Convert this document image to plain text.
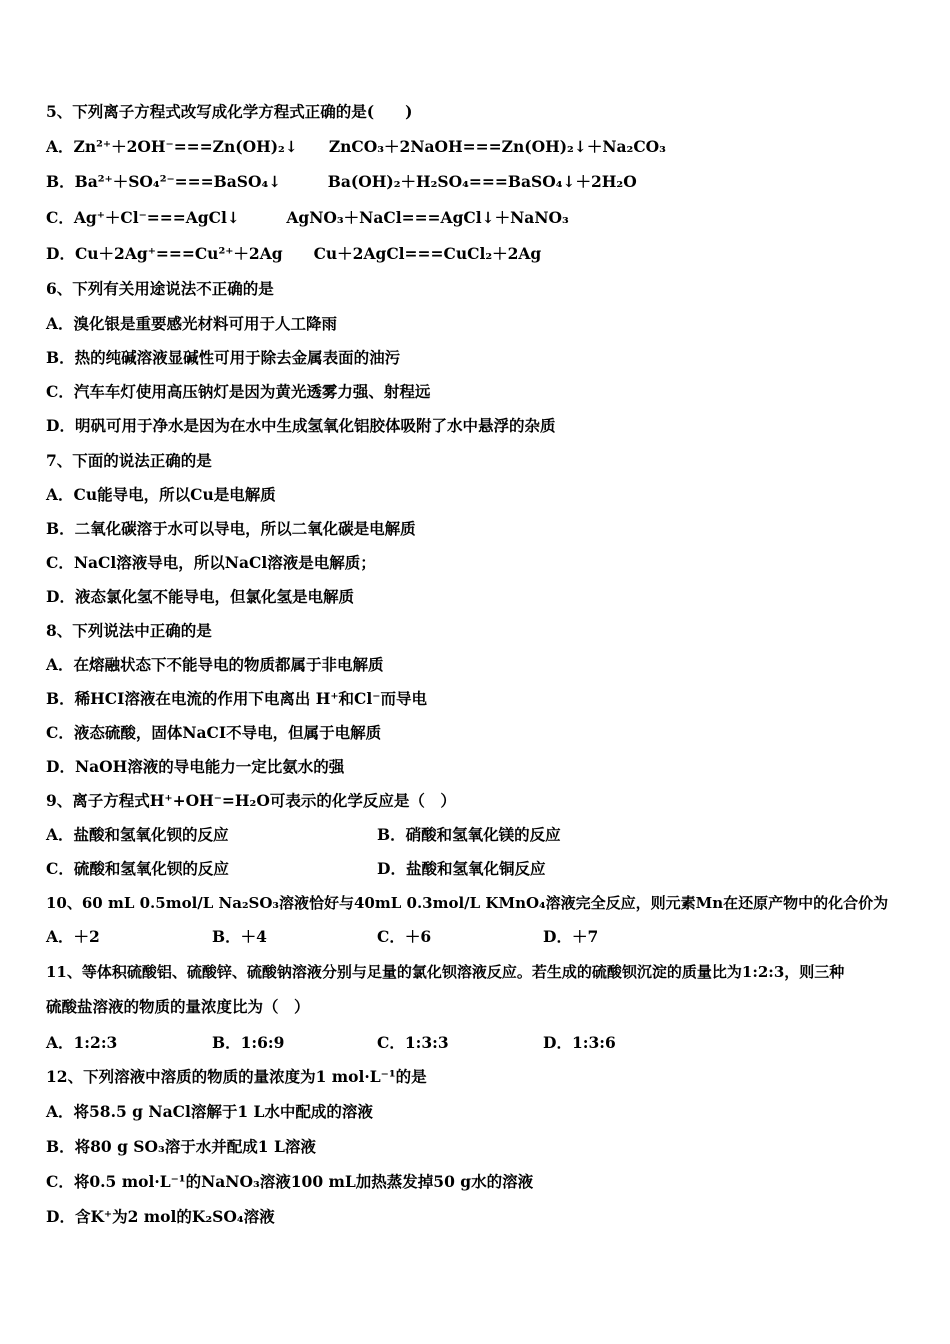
5、下列离子方程式改写成化学方程式正确的是(　　)
A．Zn²⁺＋2OH⁻===Zn(OH)₂↓　　ZnCO₃＋2NaOH===Zn(OH)₂↓＋Na₂CO₃
B．Ba²⁺＋SO₄²⁻===BaSO₄↓　　　Ba(OH)₂＋H₂SO₄===BaSO₄↓＋2H₂O
C．Ag⁺＋Cl⁻===AgCl↓　　　AgNO₃＋NaCl===AgCl↓＋NaNO₃
D．Cu＋2Ag⁺===Cu²⁺＋2Ag　　Cu＋2AgCl===CuCl₂＋2Ag
6、下列有关用途说法不正确的是
A．溴化银是重要感光材料可用于人工降雨
B．热的纯碱溶液显碱性可用于除去金属表面的油污
C．汽车车灯使用高压钠灯是因为黄光透雾力强、射程远
D．明矾可用于净水是因为在水中生成氢氧化铝胶体吸附了水中悬浮的杂质
7、下面的说法正确的是
A．Cu能导电，所以Cu是电解质
B．二氧化碳溶于水可以导电，所以二氧化碳是电解质
C．NaCl溶液导电，所以NaCl溶液是电解质；
D．液态氯化氢不能导电，但氯化氢是电解质
8、下列说法中正确的是
A．在熔融状态下不能导电的物质都属于非电解质
B．稀HCI溶液在电流的作用下电离出 H⁺和Cl⁻而导电
C．液态硫酸，固体NaCI不导电，但属于电解质
D．NaOH溶液的导电能力一定比氨水的强
9、离子方程式H⁺+OH⁻=H₂O可表示的化学反应是（　）
A．盐酸和氢氧化钡的反应	B．硝酸和氢氧化镁的反应
C．硫酸和氢氧化钡的反应	D．盐酸和氢氧化铜反应
10、60 mL 0.5mol/L Na₂SO₃溶液恰好与40mL 0.3mol/L KMnO₄溶液完全反应，则元素Mn在还原产物中的化合价为
A．＋2	B．＋4	C．＋6	D．＋7
11、等体积硫酸铝、硫酸锌、硫酸钠溶液分别与足量的氯化钡溶液反应。若生成的硫酸钡沉淀的质量比为1:2:3，则三种
硫酸盐溶液的物质的量浓度比为（　）
A．1:2:3	B．1:6:9	C．1:3:3	D．1:3:6
12、下列溶液中溶质的物质的量浓度为1 mol·L⁻¹的是
A．将58.5 g NaCl溶解于1 L水中配成的溶液
B．将80 g SO₃溶于水并配成1 L溶液
C．将0.5 mol·L⁻¹的NaNO₃溶液100 mL加热蒸发掉50 g水的溶液
D．含K⁺为2 mol的K₂SO₄溶液
